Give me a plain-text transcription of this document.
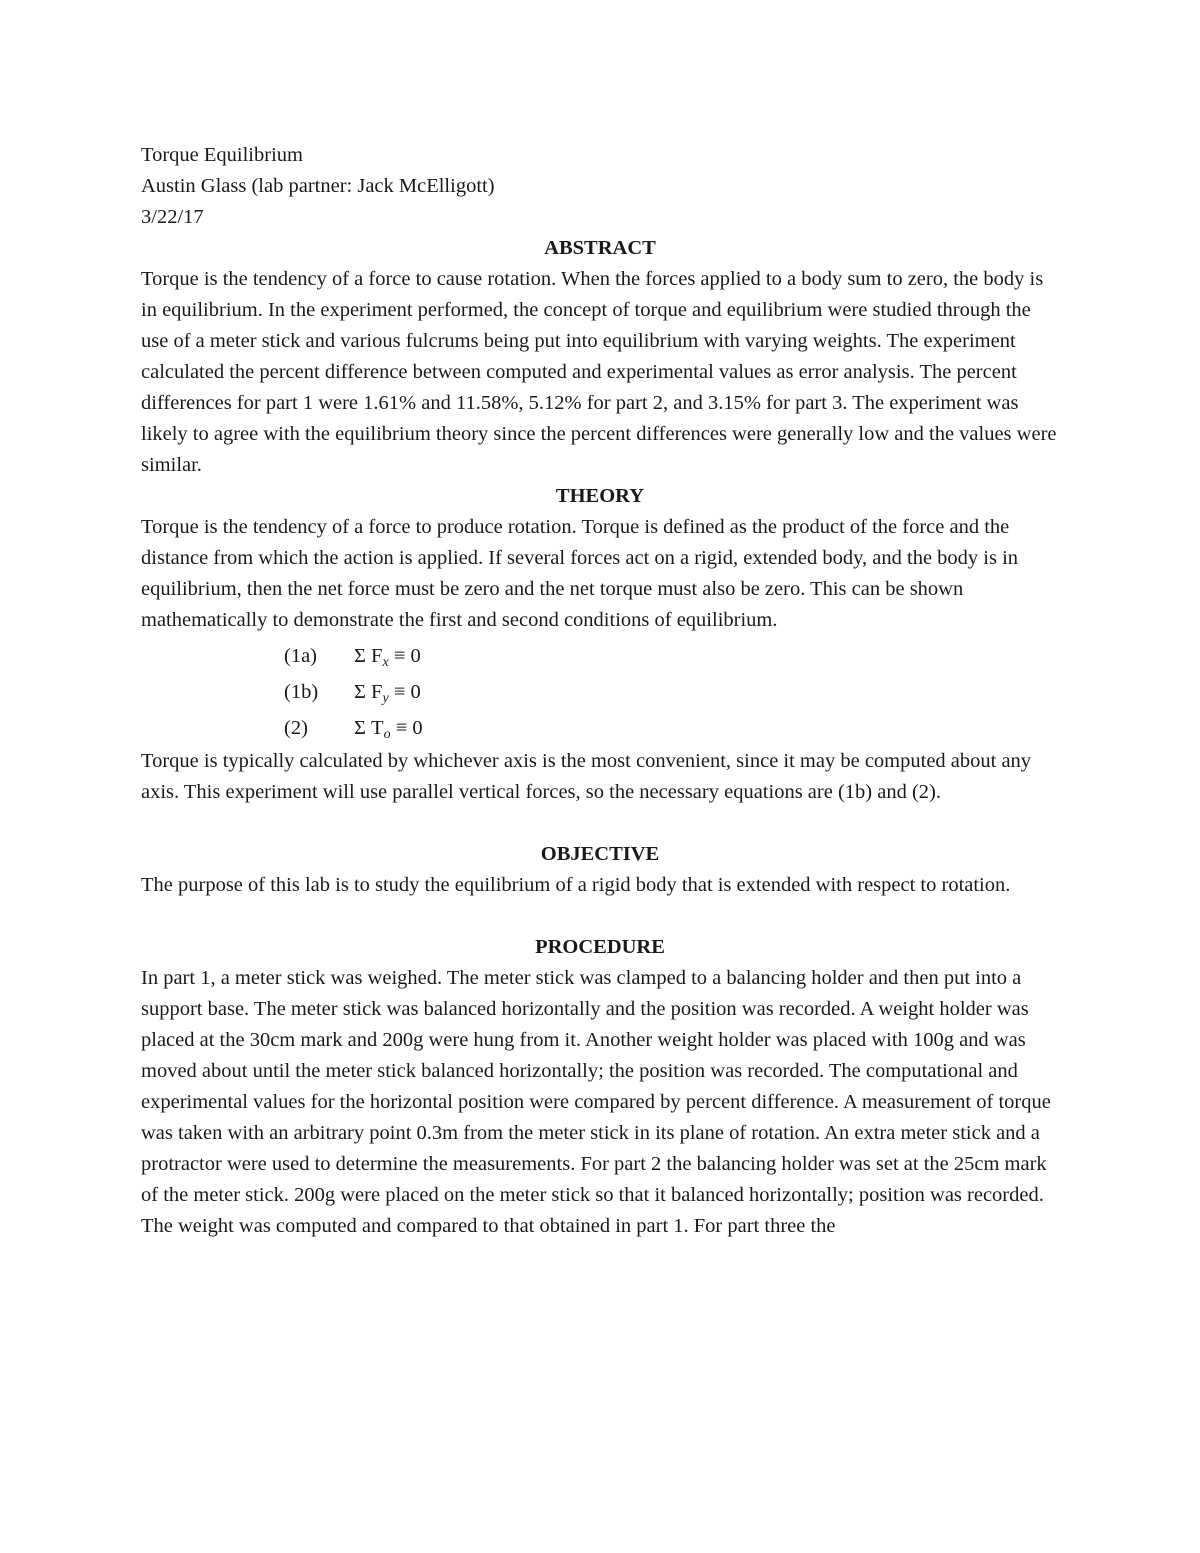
Torque Equilibrium

Austin Glass (lab partner: Jack McElligott)

3/22/17

ABSTRACT

Torque is the tendency of a force to cause rotation. When the forces applied to a body sum to zero, the body is in equilibrium. In the experiment performed, the concept of torque and equilibrium were studied through the use of a meter stick and various fulcrums being put into equilibrium with varying weights. The experiment calculated the percent difference between computed and experimental values as error analysis. The percent differences for part 1 were 1.61% and 11.58%, 5.12% for part 2, and 3.15% for part 3. The experiment was likely to agree with the equilibrium theory since the percent differences were generally low and the values were similar.

THEORY

Torque is the tendency of a force to produce rotation. Torque is defined as the product of the force and the distance from which the action is applied. If several forces act on a rigid, extended body, and the body is in equilibrium, then the net force must be zero and the net torque must also be zero. This can be shown mathematically to demonstrate the first and second conditions of equilibrium.

(1a) Σ $F_x \equiv 0$
(1b) Σ $F_y \equiv 0$
(2) Σ $T_o \equiv 0$

Torque is typically calculated by whichever axis is the most convenient, since it may be computed about any axis. This experiment will use parallel vertical forces, so the necessary equations are (1b) and (2).

OBJECTIVE

The purpose of this lab is to study the equilibrium of a rigid body that is extended with respect to rotation.

PROCEDURE

In part 1, a meter stick was weighed. The meter stick was clamped to a balancing holder and then put into a support base. The meter stick was balanced horizontally and the position was recorded. A weight holder was placed at the 30cm mark and 200g were hung from it. Another weight holder was placed with 100g and was moved about until the meter stick balanced horizontally; the position was recorded. The computational and experimental values for the horizontal position were compared by percent difference. A measurement of torque was taken with an arbitrary point 0.3m from the meter stick in its plane of rotation. An extra meter stick and a protractor were used to determine the measurements. For part 2 the balancing holder was set at the 25cm mark of the meter stick. 200g were placed on the meter stick so that it balanced horizontally; position was recorded. The weight was computed and compared to that obtained in part 1. For part three the
